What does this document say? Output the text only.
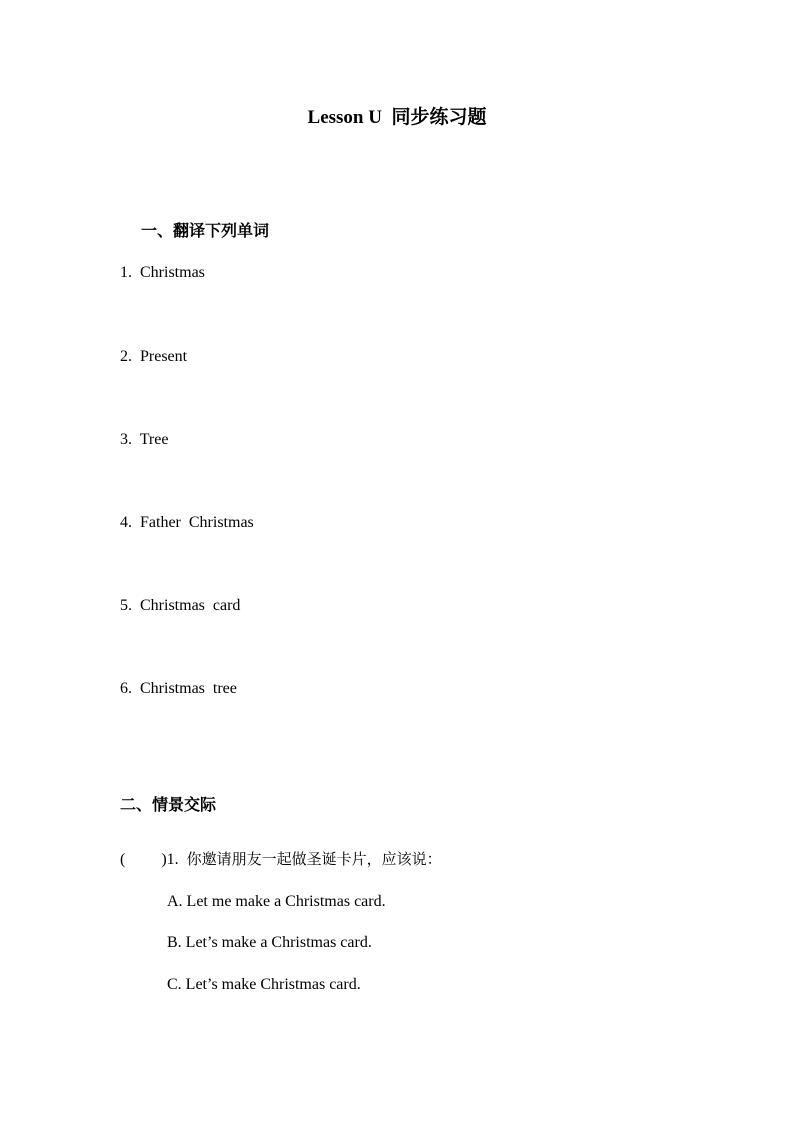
Lesson U  同步练习题
一、翻译下列单词
1.  Christmas
2.  Present
3.  Tree
4.  Father  Christmas
5.  Christmas  card
6.  Christmas  tree
二、情景交际
(         )1.  你邀请朋友一起做圣诞卡片，应该说：
A. Let me make a Christmas card.
B. Let’s make a Christmas card.
C. Let’s make Christmas card.
